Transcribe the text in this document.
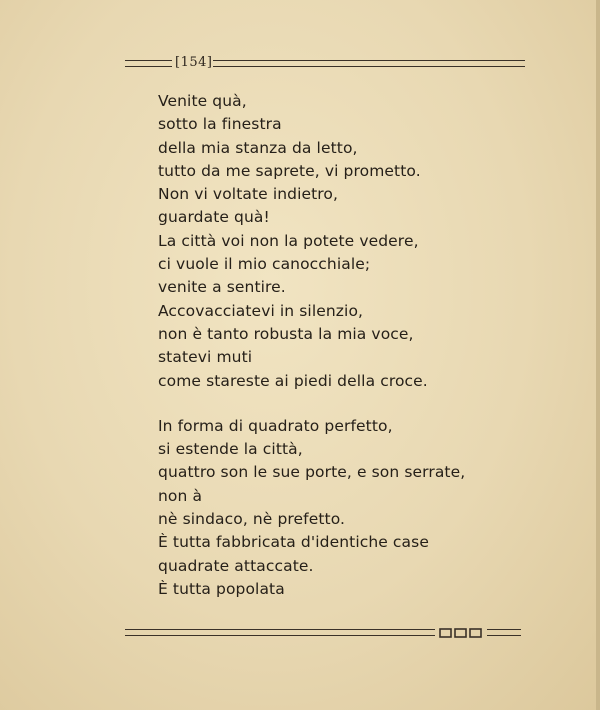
[154]
Venite quà,
sotto la finestra
della mia stanza da letto,
tutto da me saprete, vi prometto.
Non vi voltate indietro,
guardate quà!
La città voi non la potete vedere,
ci vuole il mio canocchiale;
venite a sentire.
Accovacciatevi in silenzio,
non è tanto robusta la mia voce,
statevi muti
come stareste ai piedi della croce.
In forma di quadrato perfetto,
si estende la città,
quattro son le sue porte, e son serrate,
non à
nè sindaco, nè prefetto.
È tutta fabbricata d'identiche case
quadrate attaccate.
È tutta popolata
